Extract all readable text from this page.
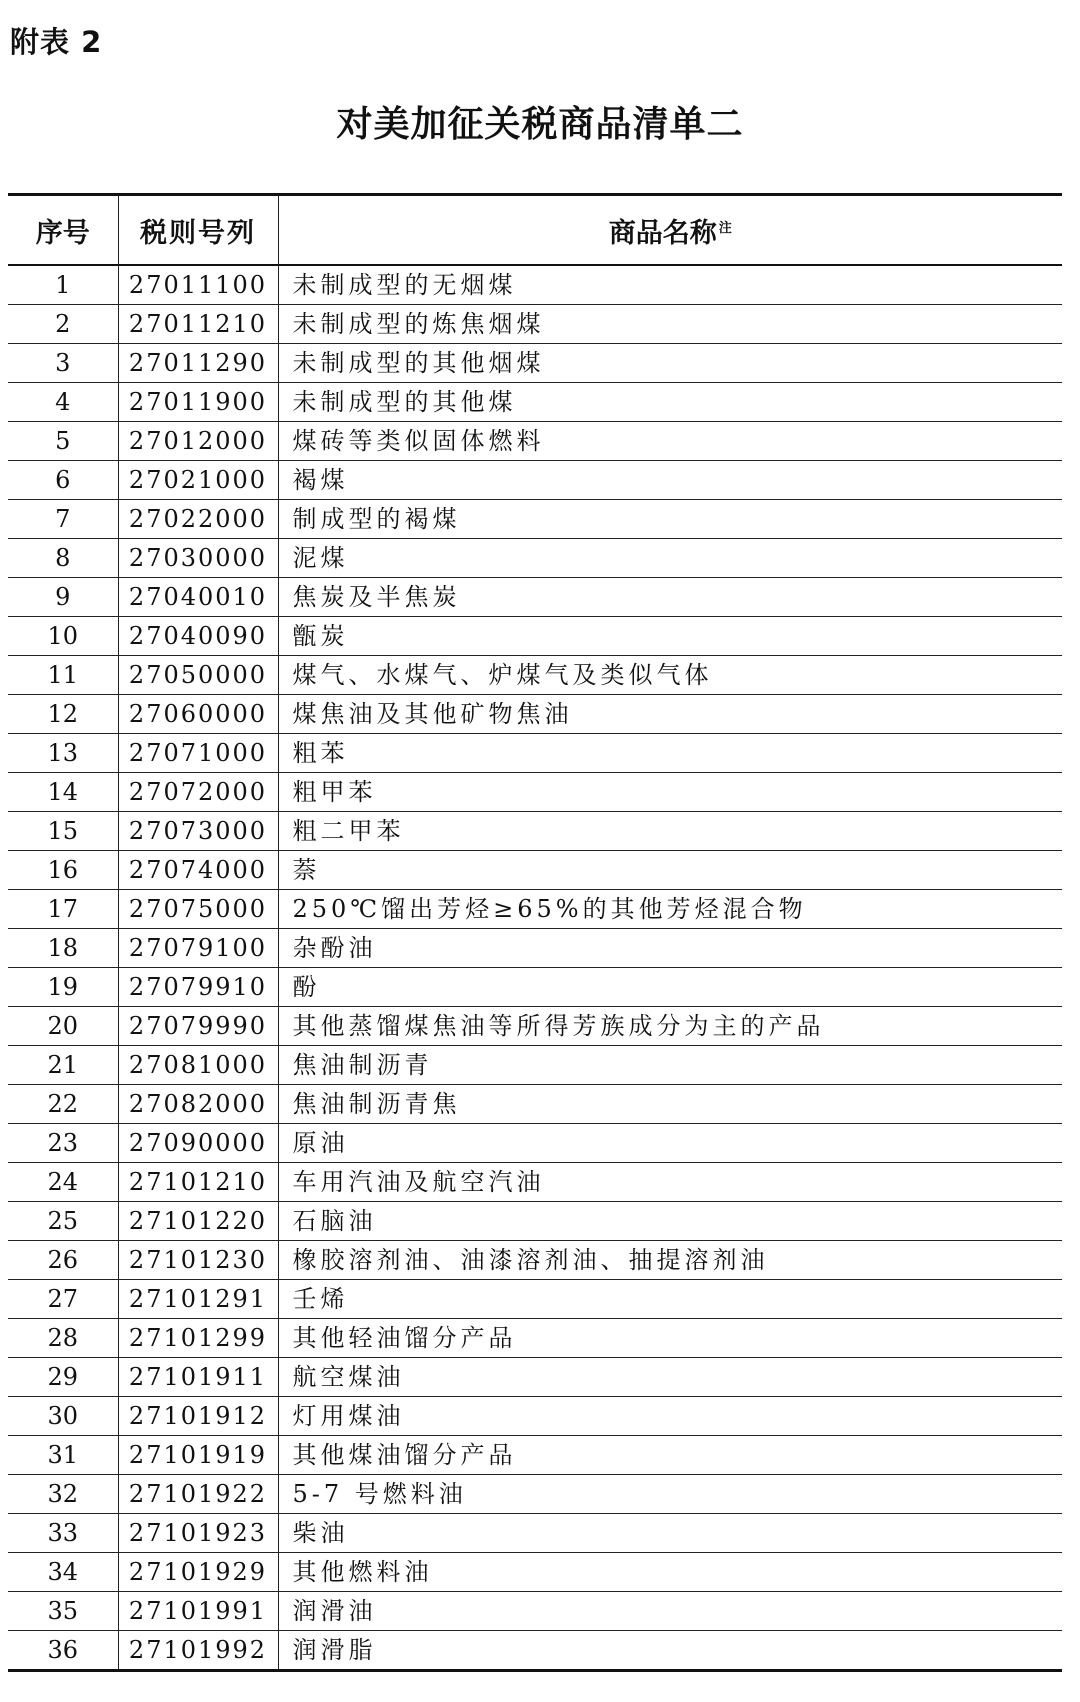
附表 2
对美加征关税商品清单二
序号	税则号列	商品名称 $^注$
1	27011100	未制成型的无烟煤
2	27011210	未制成型的炼焦烟煤
3	27011290	未制成型的其他烟煤
4	27011900	未制成型的其他煤
5	27012000	煤砖等类似固体燃料
6	27021000	褐煤
7	27022000	制成型的褐煤
8	27030000	泥煤
9	27040010	焦炭及半焦炭
10	27040090	甑炭
11	27050000	煤气、水煤气、炉煤气及类似气体
12	27060000	煤焦油及其他矿物焦油
13	27071000	粗苯
14	27072000	粗甲苯
15	27073000	粗二甲苯
16	27074000	萘
17	27075000	250℃馏出芳烃≥65%的其他芳烃混合物
18	27079100	杂酚油
19	27079910	酚
20	27079990	其他蒸馏煤焦油等所得芳族成分为主的产品
21	27081000	焦油制沥青
22	27082000	焦油制沥青焦
23	27090000	原油
24	27101210	车用汽油及航空汽油
25	27101220	石脑油
26	27101230	橡胶溶剂油、油漆溶剂油、抽提溶剂油
27	27101291	壬烯
28	27101299	其他轻油馏分产品
29	27101911	航空煤油
30	27101912	灯用煤油
31	27101919	其他煤油馏分产品
32	27101922	5-7 号燃料油
33	27101923	柴油
34	27101929	其他燃料油
35	27101991	润滑油
36	27101992	润滑脂
